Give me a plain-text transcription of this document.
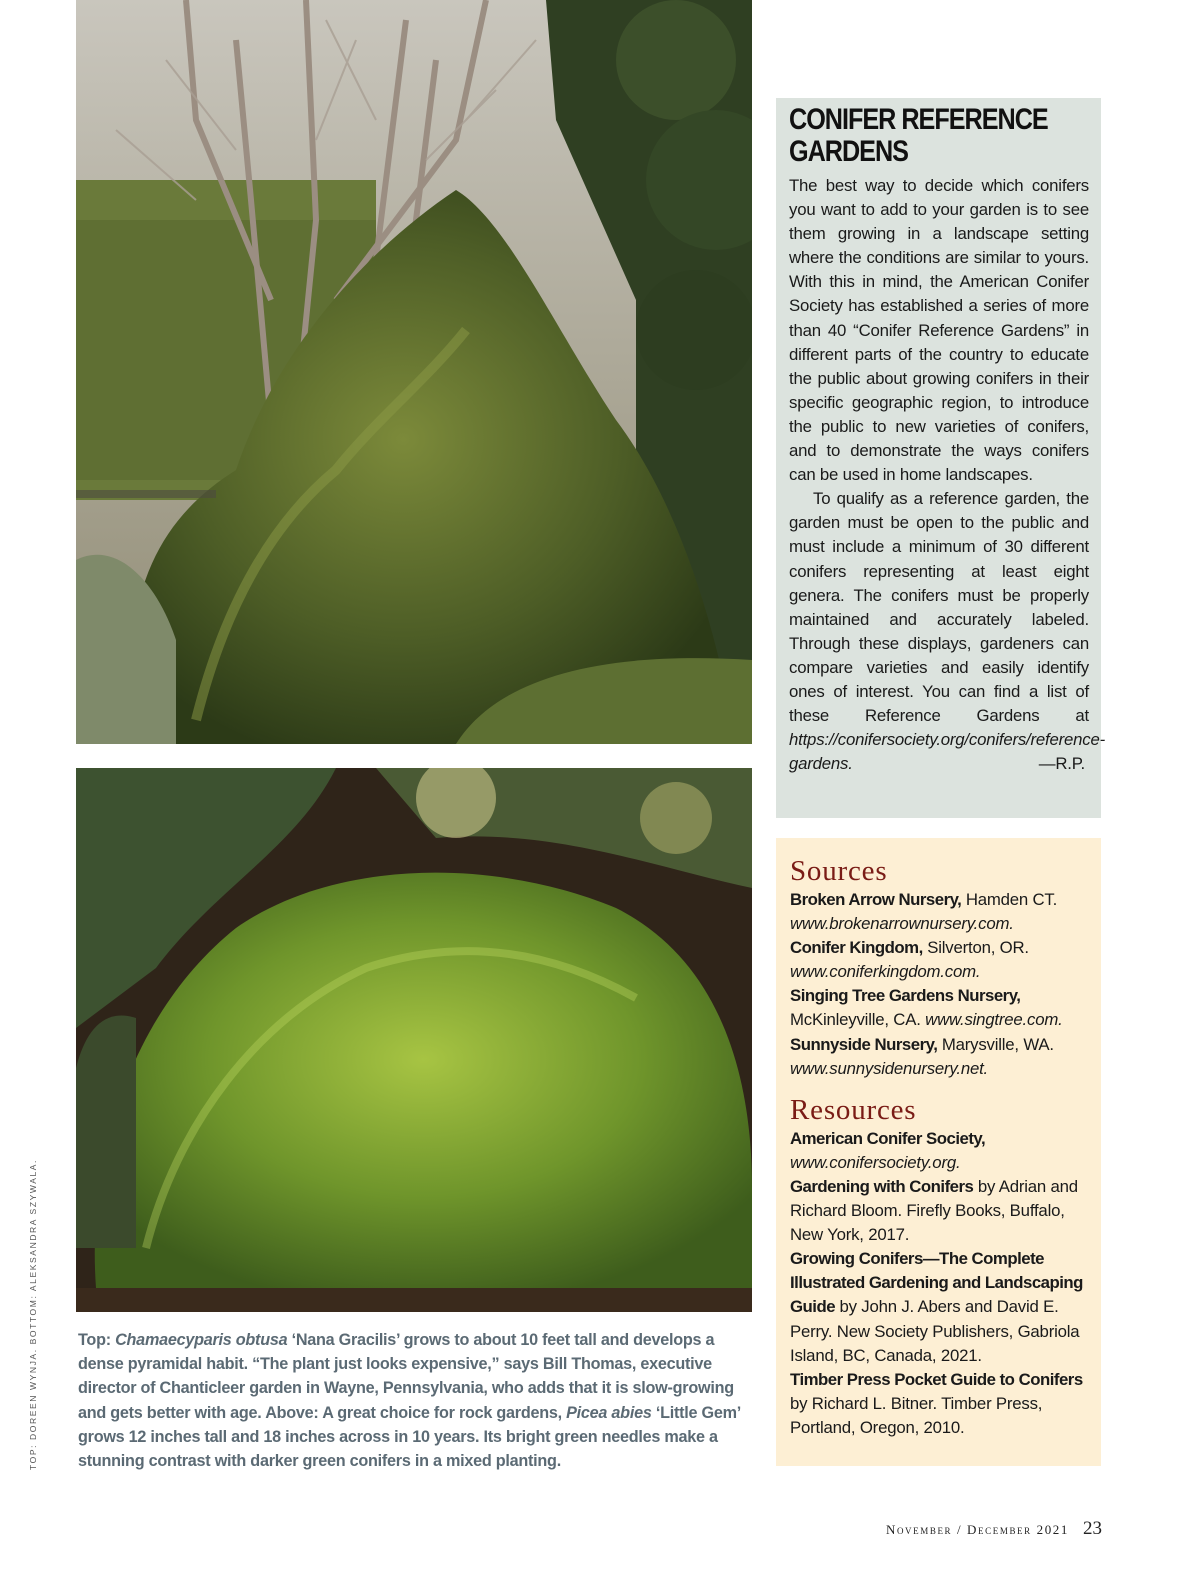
TOP: DOREEN WYNJA. BOTTOM: ALEKSANDRA SZYWALA. Top: Chamaecyparis obtusa ‘Nana Gracilis’ grows to about 10 feet tall and develops a dense pyramidal habit. “The plant just looks expensive,” says Bill Thomas, executive director of Chanticleer garden in Wayne, Pennsylvania, who adds that it is slow-growing and gets better with age. Above: A great choice for rock gardens, Picea abies ‘Little Gem’ grows 12 inches tall and 18 inches across in 10 years. Its bright green needles make a stunning contrast with darker green conifers in a mixed planting.
CONIFER REFERENCE GARDENS

The best way to decide which conifers you want to add to your garden is to see them growing in a landscape setting where the conditions are similar to yours. With this in mind, the American Conifer Society has established a series of more than 40 “Conifer Reference Gardens” in different parts of the country to educate the public about growing conifers in their specific geographic region, to introduce the public to new varieties of conifers, and to demonstrate the ways conifers can be used in home landscapes.

To qualify as a reference garden, the garden must be open to the public and must include a minimum of 30 different conifers representing at least eight genera. The conifers must be properly maintained and accurately labeled. Through these displays, gardeners can compare varieties and easily identify ones of interest. You can find a list of these Reference Gardens at https://conifersociety.org/conifers/reference-gardens.	—R.P.

Sources
Broken Arrow Nursery, Hamden CT. www.brokenarrownursery.com.
Conifer Kingdom, Silverton, OR. www.coniferkingdom.com.
Singing Tree Gardens Nursery, McKinleyville, CA. www.singtree.com.
Sunnyside Nursery, Marysville, WA. www.sunnysidenursery.net.
Resources
American Conifer Society, www.conifersociety.org.
Gardening with Conifers by Adrian and Richard Bloom. Firefly Books, Buffalo, New York, 2017.
Growing Conifers—The Complete Illustrated Gardening and Landscaping Guide by John J. Abers and David E. Perry. New Society Publishers, Gabriola Island, BC, Canada, 2021.
Timber Press Pocket Guide to Conifers by Richard L. Bitner. Timber Press, Portland, Oregon, 2010.
November / December 2021 23
